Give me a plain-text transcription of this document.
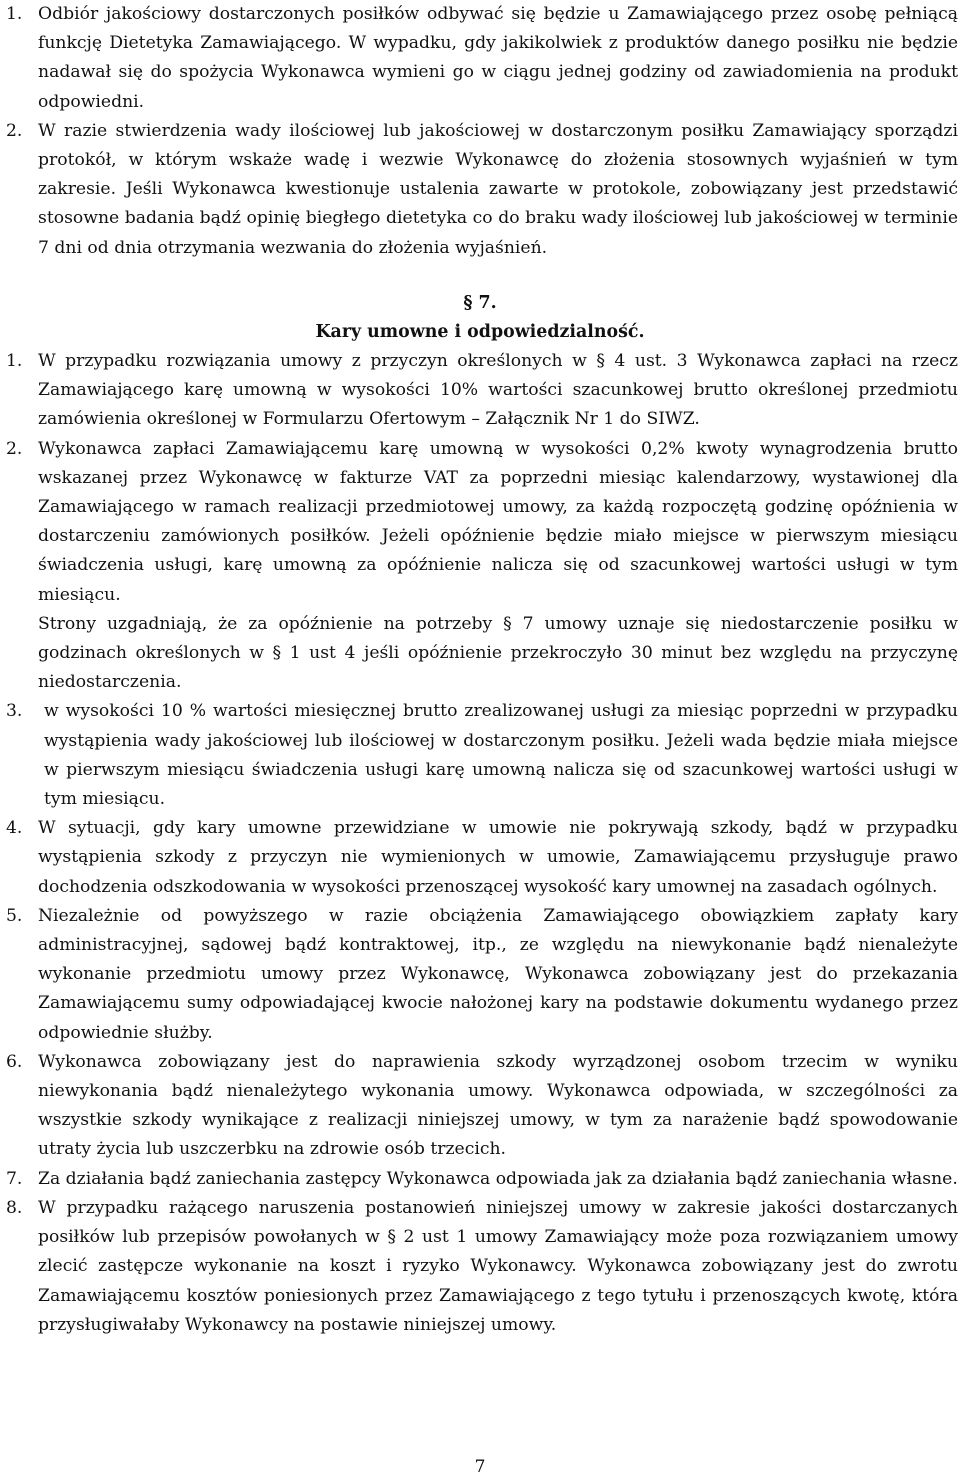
1. Odbiór jakościowy dostarczonych posiłków odbywać się będzie u Zamawiającego przez osobę pełniącą funkcję Dietetyka Zamawiającego. W wypadku, gdy jakikolwiek z produktów danego posiłku nie będzie nadawał się do spożycia Wykonawca wymieni go w ciągu jednej godziny od zawiadomienia na produkt odpowiedni.

2. W razie stwierdzenia wady ilościowej lub jakościowej w dostarczonym posiłku Zamawiający sporządzi protokół, w którym wskaże wadę i wezwie Wykonawcę do złożenia stosownych wyjaśnień w tym zakresie. Jeśli Wykonawca kwestionuje ustalenia zawarte w protokole, zobowiązany jest przedstawić stosowne badania bądź opinię biegłego dietetyka co do braku wady ilościowej lub jakościowej w terminie 7 dni od dnia otrzymania wezwania do złożenia wyjaśnień.

§ 7.
Kary umowne i odpowiedzialność.
1. W przypadku rozwiązania umowy z przyczyn określonych w § 4 ust. 3 Wykonawca zapłaci na rzecz Zamawiającego karę umowną w wysokości 10% wartości szacunkowej brutto określonej przedmiotu zamówienia określonej w Formularzu Ofertowym – Załącznik Nr 1 do SIWZ.

2. Wykonawca zapłaci Zamawiającemu karę umowną w wysokości 0,2% kwoty wynagrodzenia brutto wskazanej przez Wykonawcę w fakturze VAT za poprzedni miesiąc kalendarzowy, wystawionej dla Zamawiającego w ramach realizacji przedmiotowej umowy, za każdą rozpoczętą godzinę opóźnienia w dostarczeniu zamówionych posiłków. Jeżeli opóźnienie będzie miało miejsce w pierwszym miesiącu świadczenia usługi, karę umowną za opóźnienie nalicza się od szacunkowej wartości usługi w tym miesiącu.

Strony uzgadniają, że za opóźnienie na potrzeby § 7 umowy uznaje się niedostarczenie posiłku w godzinach określonych w § 1 ust 4 jeśli opóźnienie przekroczyło 30 minut bez względu na przyczynę niedostarczenia.

3. w wysokości 10 % wartości miesięcznej brutto zrealizowanej usługi za miesiąc poprzedni w przypadku wystąpienia wady jakościowej lub ilościowej w dostarczonym posiłku. Jeżeli wada będzie miała miejsce w pierwszym miesiącu świadczenia usługi karę umowną nalicza się od szacunkowej wartości usługi w tym miesiącu.

4. W sytuacji, gdy kary umowne przewidziane w umowie nie pokrywają szkody, bądź w przypadku wystąpienia szkody z przyczyn nie wymienionych w umowie, Zamawiającemu przysługuje prawo dochodzenia odszkodowania w wysokości przenoszącej wysokość kary umownej na zasadach ogólnych.

5. Niezależnie od powyższego w razie obciążenia Zamawiającego obowiązkiem zapłaty kary administracyjnej, sądowej bądź kontraktowej, itp., ze względu na niewykonanie bądź nienależyte wykonanie przedmiotu umowy przez Wykonawcę, Wykonawca zobowiązany jest do przekazania Zamawiającemu sumy odpowiadającej kwocie nałożonej kary na podstawie dokumentu wydanego przez odpowiednie służby.

6. Wykonawca zobowiązany jest do naprawienia szkody wyrządzonej osobom trzecim w wyniku niewykonania bądź nienależytego wykonania umowy. Wykonawca odpowiada, w szczególności za wszystkie szkody wynikające z realizacji niniejszej umowy, w tym za narażenie bądź spowodowanie utraty życia lub uszczerbku na zdrowie osób trzecich.

7. Za działania bądź zaniechania zastępcy Wykonawca odpowiada jak za działania bądź zaniechania własne.

8. W przypadku rażącego naruszenia postanowień niniejszej umowy w zakresie jakości dostarczanych posiłków lub przepisów powołanych w § 2 ust 1 umowy Zamawiający może poza rozwiązaniem umowy zlecić zastępcze wykonanie na koszt i ryzyko Wykonawcy. Wykonawca zobowiązany jest do zwrotu Zamawiającemu kosztów poniesionych przez Zamawiającego z tego tytułu i przenoszących kwotę, która przysługiwałaby Wykonawcy na postawie niniejszej umowy.

7
